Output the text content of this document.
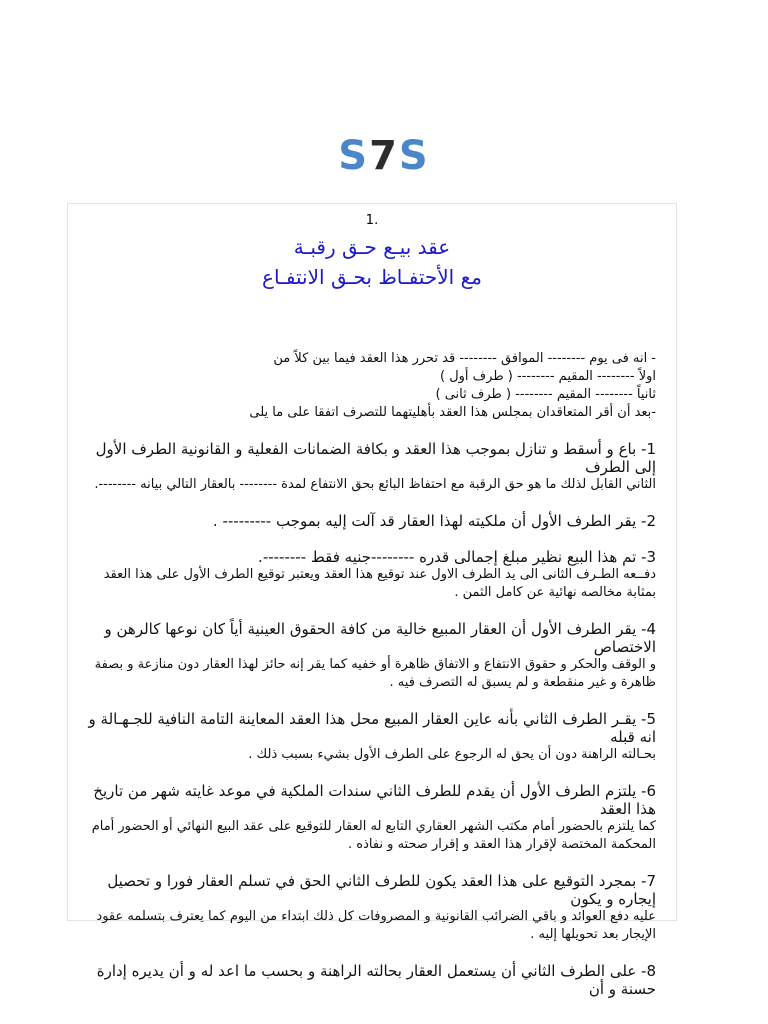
S7S
1.
عقد بيـع حـق رقبـة
مع الأحتفـاظ بحـق الانتفـاع
- انه فى يوم -------- الموافق -------- قد تحرر هذا العقد فيما بين كلاً من
اولاً -------- المقيم -------- ( طرف أول )
ثانياً -------- المقيم -------- ( طرف ثانى )
-بعد أن أقر المتعاقدان بمجلس هذا العقد بأهليتهما للتصرف اتفقا على ما يلى

1- باع و أسقط و تنازل بموجب هذا العقد و بكافة الضمانات الفعلية و القانونية الطرف الأول إلى الطرف

الثاني القابل لذلك ما هو حق الرقبة مع احتفاظ البائع بحق الانتفاع لمدة -------- بالعقار التالي بيانه --------.

2- يقر الطرف الأول أن ملكيته لهذا العقار قد آلت إليه بموجب --------- .

3- تم هذا البيع نظير مبلغ إجمالى قدره --------جنيه فقط --------.

دفــعه الطـرف الثانى الى يد الطرف الاول عند توقيع هذا العقد ويعتبر توقيع الطرف الأول على هذا العقد بمثابة مخالصه نهائية عن كامل الثمن .

4- يقر الطرف الأول أن العقار المبيع خالية من كافة الحقوق العينية أياً كان نوعها كالرهن و الاختصاص

و الوقف والحكر و حقوق الانتفاع و الاتفاق ظاهرة أو خفيه كما يقر إنه حائز لهذا العقار دون منازعة و بصفة ظاهرة و غير منقطعة و لم يسبق له التصرف فيه .

5- يقـر الطرف الثاني بأنه عاين العقار المبيع محل هذا العقد المعاينة التامة النافية للجـهـالة و انه قبله

بحـالته الراهنة دون أن يحق له الرجوع على الطرف الأول بشيء بسبب ذلك .

6- يلتزم الطرف الأول أن يقدم للطرف الثاني سندات الملكية في موعد غايته شهر من تاريخ هذا العقد

كما يلتزم بالحضور أمام مكتب الشهر العقاري التابع له العقار للتوقيع على عقد البيع النهائي أو الحضور أمام المحكمة المختصة لإقرار هذا العقد و إقرار صحته و نفاذه .

7- بمجرد التوقيع على هذا العقد يكون للطرف الثاني الحق في تسلم العقار فورا و تحصيل إيجاره و يكون

عليه دفع العوائد و باقي الضرائب القانونية و المصروفات كل ذلك ابتداء من اليوم كما يعترف بتسلمه عقود الإيجار بعد تحويلها إليه .

8- على الطرف الثاني أن يستعمل العقار بحالته الراهنة و بحسب ما اعد له و أن يديره إدارة حسنة و أن
